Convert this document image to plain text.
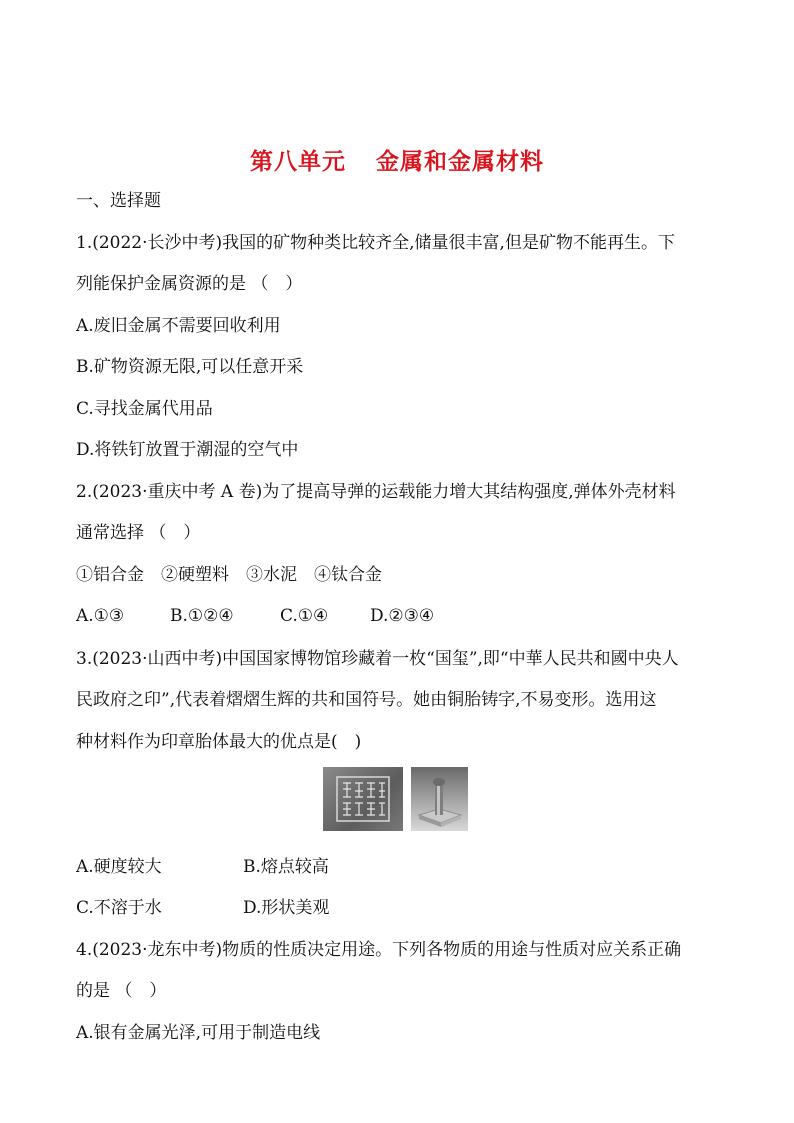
第八单元 金属和金属材料
一、选择题
1.(2022·长沙中考)我国的矿物种类比较齐全,储量很丰富,但是矿物不能再生。下
列能保护金属资源的是 （　）
A.废旧金属不需要回收利用
B.矿物资源无限,可以任意开采
C.寻找金属代用品
D.将铁钉放置于潮湿的空气中
2.(2023·重庆中考 A 卷)为了提高导弹的运载能力增大其结构强度,弹体外壳材料
通常选择 （　）
①铝合金　②硬塑料　③水泥　④钛合金
A.①③	B.①②④	C.①④ D.②③④
3.(2023·山西中考)中国国家博物馆珍藏着一枚“国玺”,即“中華人民共和國中央人
民政府之印”,代表着熠熠生辉的共和国符号。她由铜胎铸字,不易变形。选用这
种材料作为印章胎体最大的优点是(　)
A.硬度较大	B.熔点较高
C.不溶于水	D.形状美观
4.(2023·龙东中考)物质的性质决定用途。下列各物质的用途与性质对应关系正确
的是 （　）
A.银有金属光泽,可用于制造电线
